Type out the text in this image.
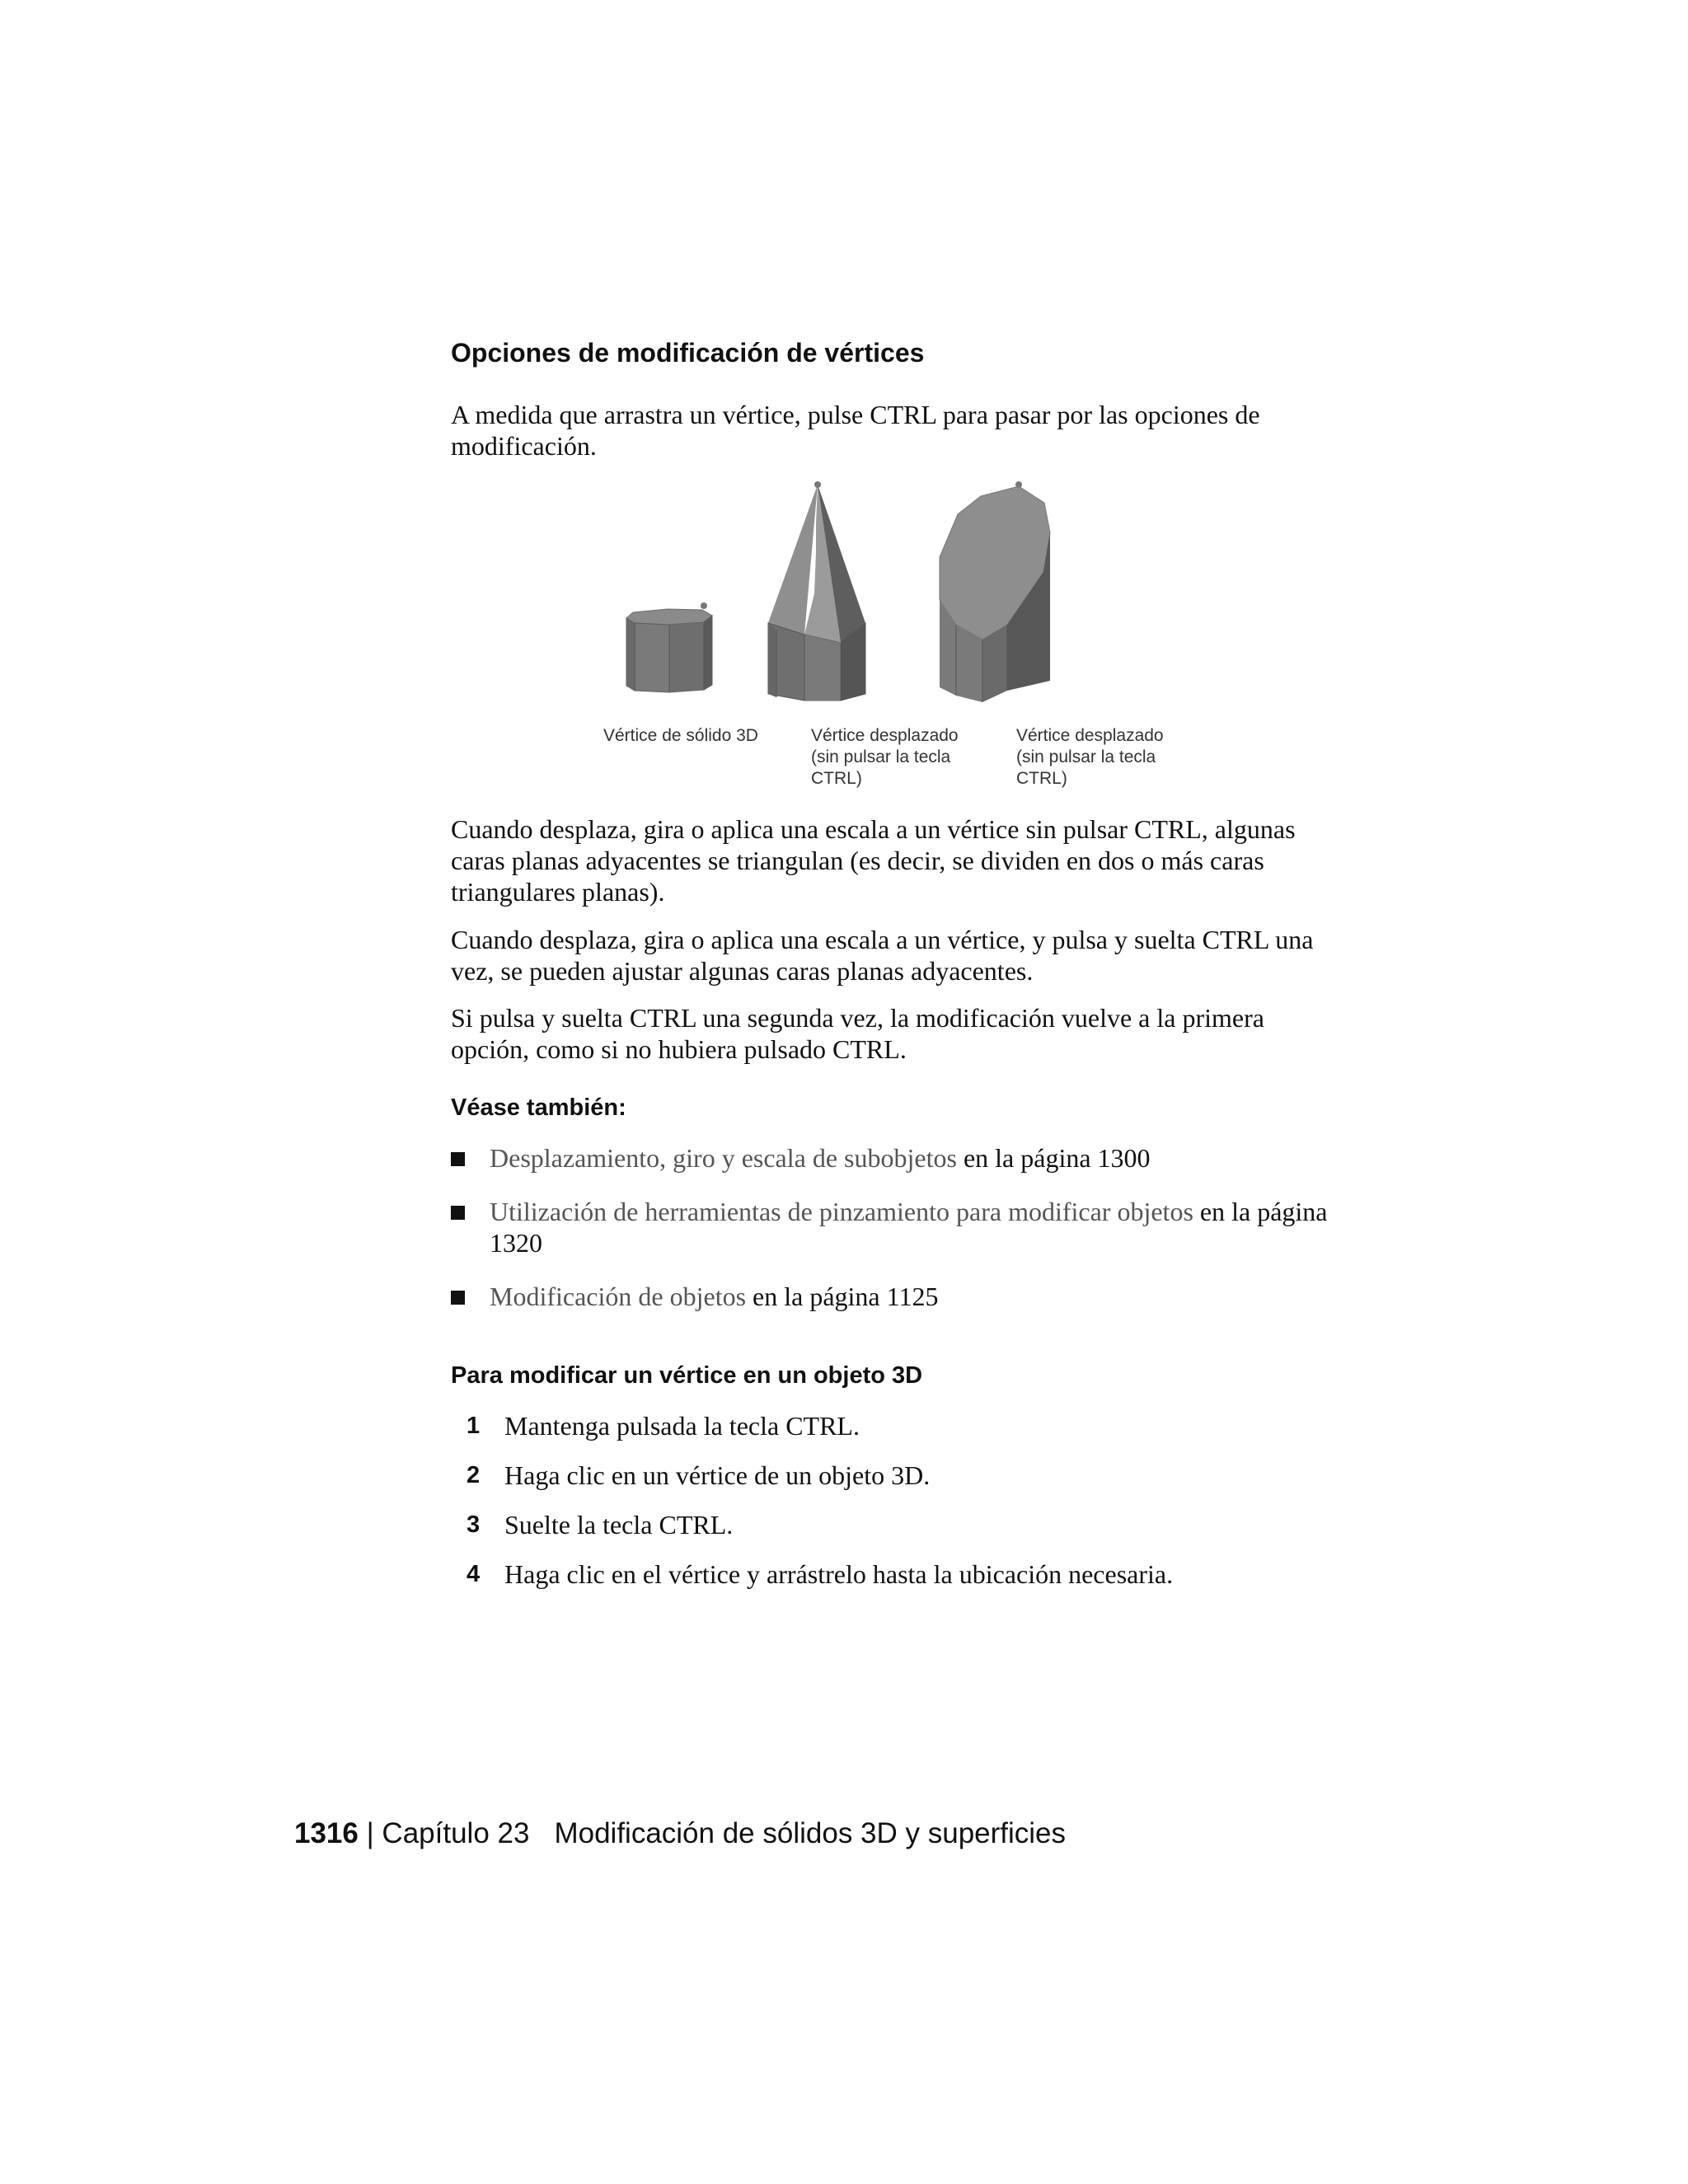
Opciones de modificación de vértices

A medida que arrastra un vértice, pulse CTRL para pasar por las opciones de modificación.

Vértice de sólido 3D	Vértice desplazado (sin pulsar la tecla CTRL)

Vértice desplazado (sin pulsar la tecla CTRL)

Cuando desplaza, gira o aplica una escala a un vértice sin pulsar CTRL, algunas caras planas adyacentes se triangulan (es decir, se dividen en dos o más caras triangulares planas).

Cuando desplaza, gira o aplica una escala a un vértice, y pulsa y suelta CTRL una vez, se pueden ajustar algunas caras planas adyacentes.

Si pulsa y suelta CTRL una segunda vez, la modificación vuelve a la primera opción, como si no hubiera pulsado CTRL.

Véase también:
Desplazamiento, giro y escala de subobjetos en la página 1300
Utilización de herramientas de pinzamiento para modificar objetos en la página 1320
Modificación de objetos en la página 1125
Para modificar un vértice en un objeto 3D
1 Mantenga pulsada la tecla CTRL.
2 Haga clic en un vértice de un objeto 3D.
3 Suelte la tecla CTRL.
4 Haga clic en el vértice y arrástrelo hasta la ubicación necesaria.
1316 | Capítulo 23 Modificación de sólidos 3D y superficies
